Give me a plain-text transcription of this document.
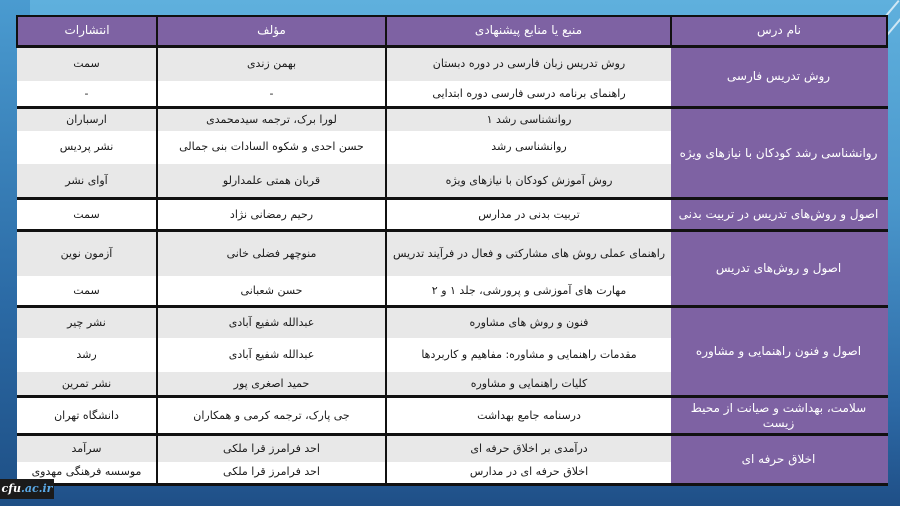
نام درس	منبع یا منابع پیشنهادی	مؤلف	انتشارات
روش تدریس فارسی	روش تدریس زبان فارسی در دوره دبستان	بهمن زندی	سمت
	راهنمای برنامه درسی فارسی دوره ابتدایی	-	-
روانشناسی رشد کودکان با نیازهای ویژه	روانشناسی رشد ۱	لورا برک، ترجمه سیدمحمدی	ارسباران
	روانشناسی رشد	حسن احدی و شکوه السادات بنی جمالی	نشر پردیس
	روش آموزش کودکان با نیازهای ویژه	قربان همتی علمدارلو	آوای نشر
اصول و روش‌های تدریس در تربیت بدنی	تربیت بدنی در مدارس	رحیم رمضانی نژاد	سمت
اصول و روش‌های تدریس	راهنمای عملی روش های مشارکتی و فعال در فرآیند تدریس	منوچهر فضلی خانی	آزمون نوین
	مهارت های آموزشی و پرورشی، جلد ۱ و ۲	حسن شعبانی	سمت
اصول و فنون راهنمایی و مشاوره	فنون و روش های مشاوره	عبدالله شفیع آبادی	نشر چیر
	مقدمات راهنمایی و مشاوره: مفاهیم و کاربردها	عبدالله شفیع آبادی	رشد
	کلیات راهنمایی و مشاوره	حمید اصغری پور	نشر تمرین
سلامت، بهداشت و صیانت از محیط زیست	درسنامه جامع بهداشت	جی پارک، ترجمه کرمی و همکاران	دانشگاه تهران
اخلاق حرفه ای	درآمدی بر اخلاق حرفه ای	احد فرامرز قرا ملکی	سرآمد
	اخلاق حرفه ای در مدارس	احد فرامرز قرا ملکی	موسسه فرهنگی مهدوی
cfu.ac.ir
